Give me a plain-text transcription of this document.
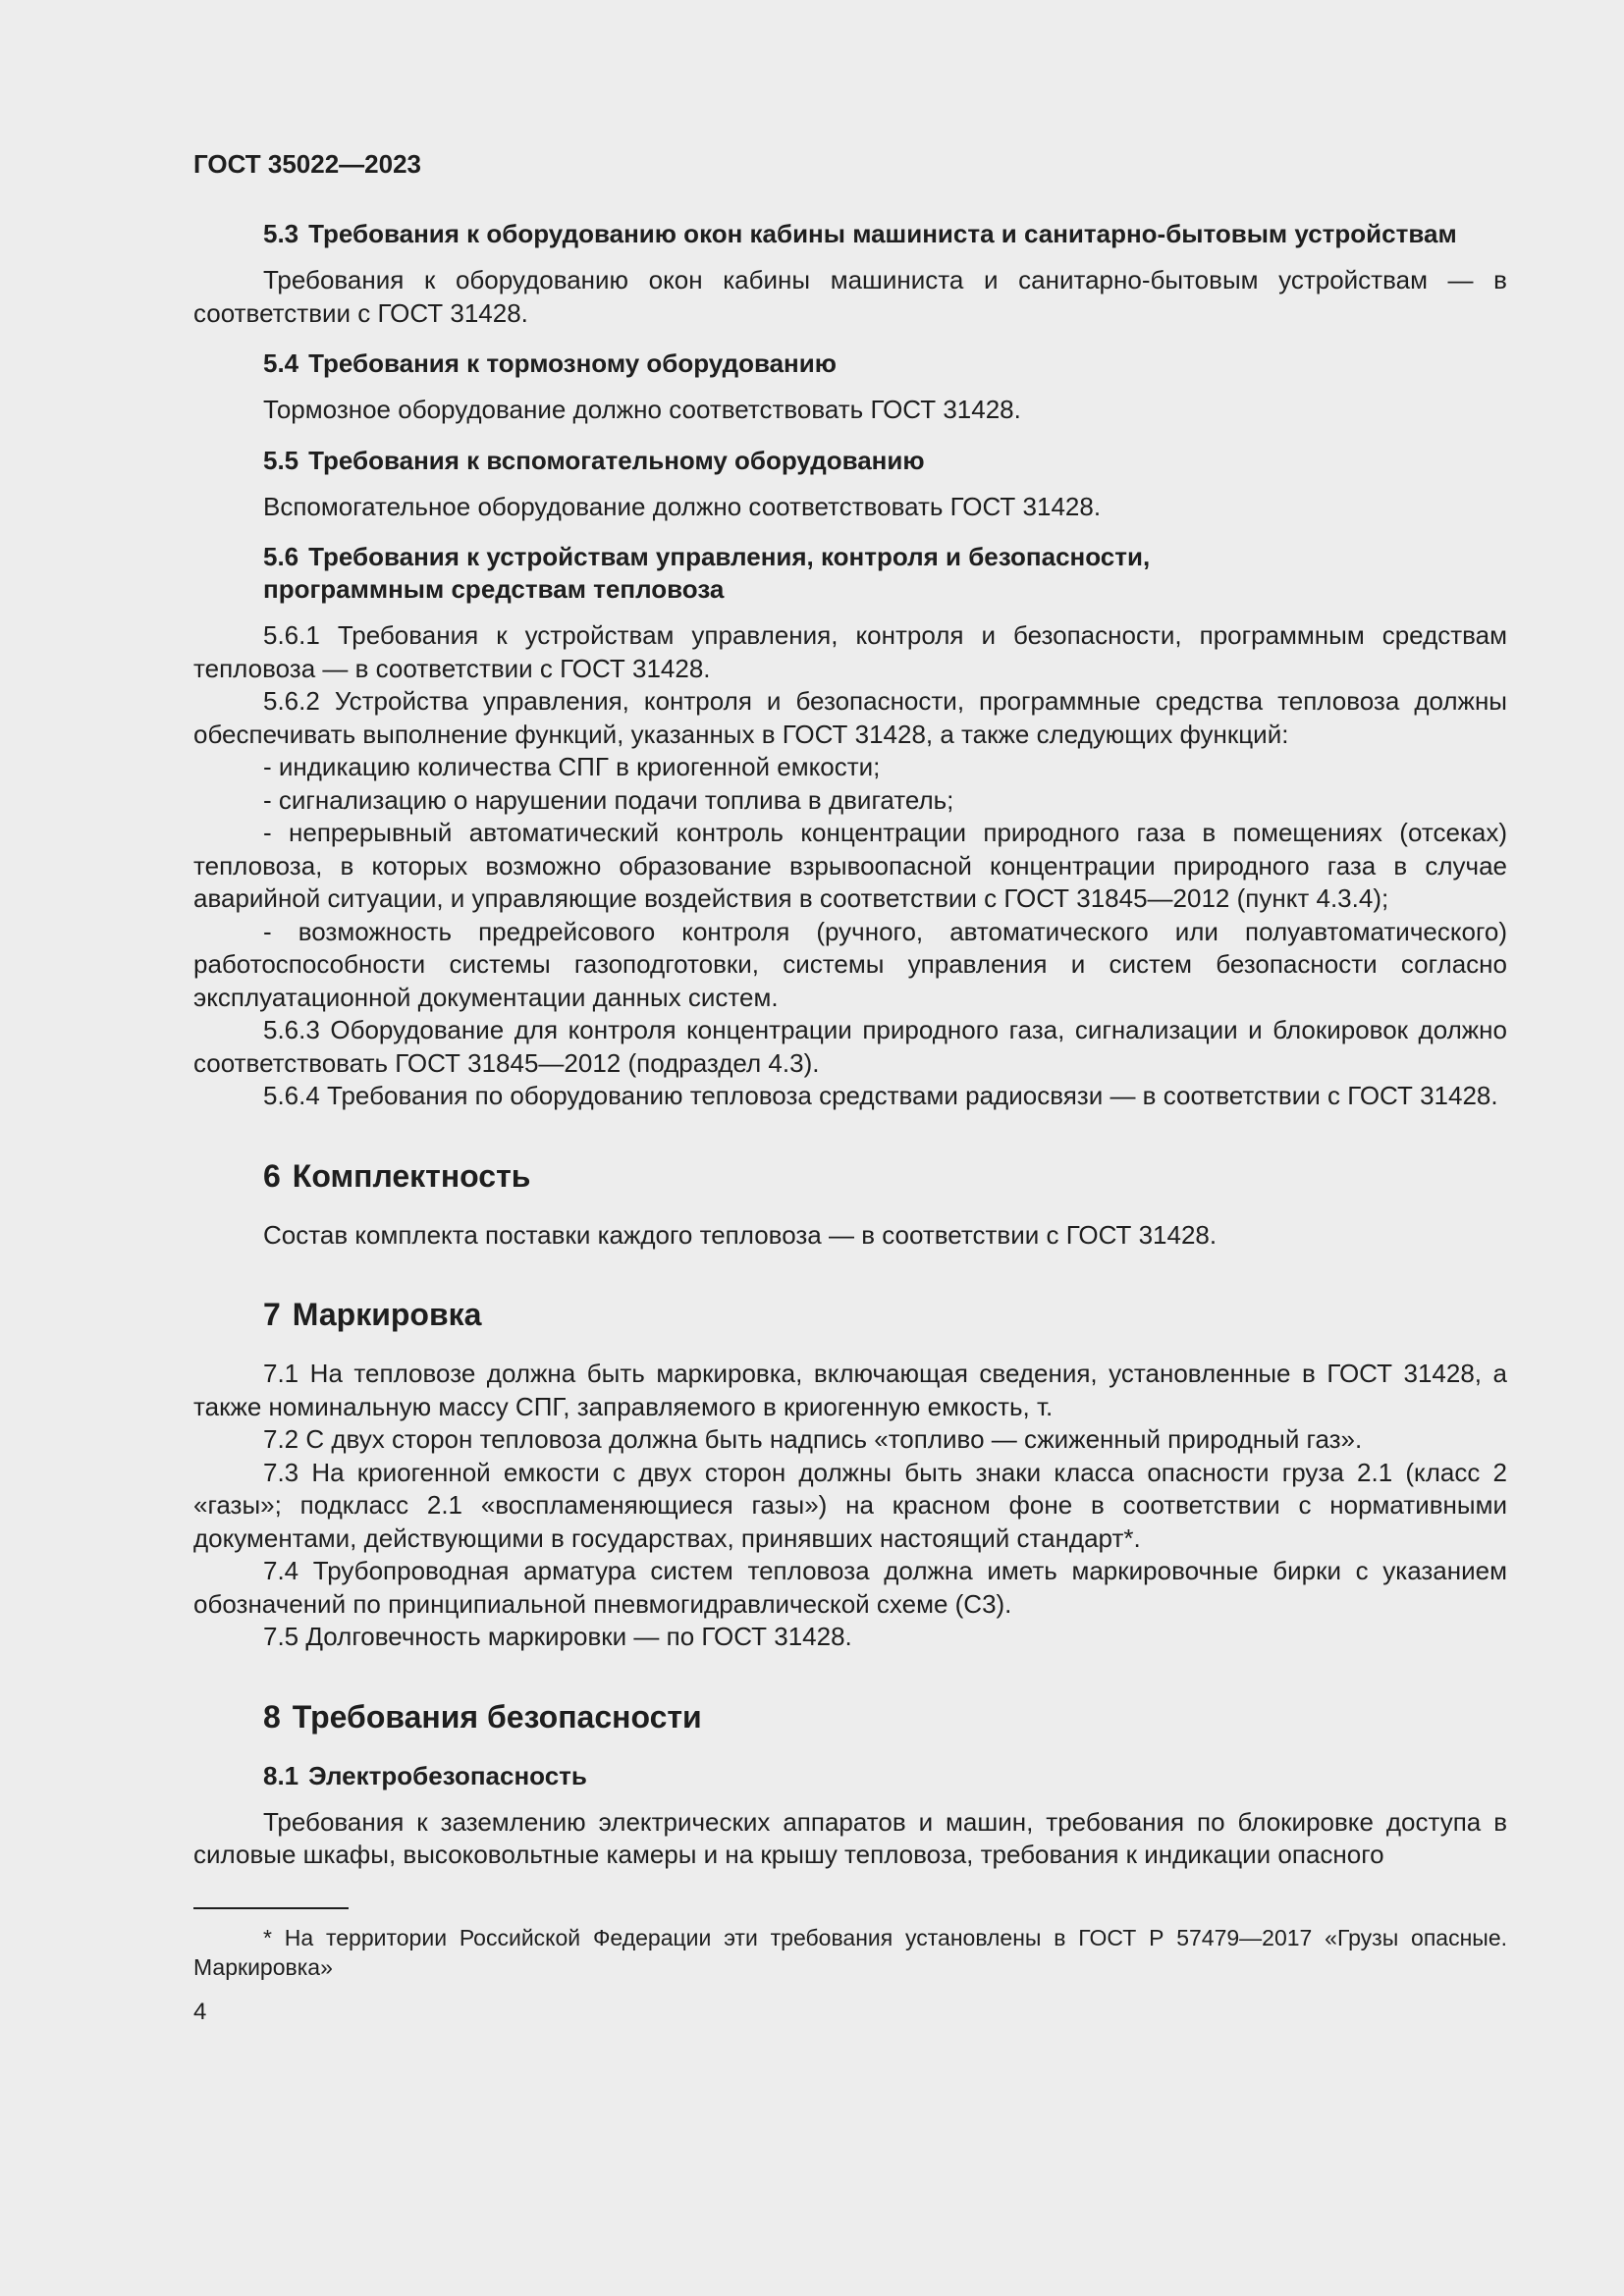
ГОСТ 35022—2023
5.3 Требования к оборудованию окон кабины машиниста и санитарно-бытовым устройствам

Требования к оборудованию окон кабины машиниста и санитарно-бытовым устройствам — в соответствии с ГОСТ 31428.

5.4 Требования к тормозному оборудованию

Тормозное оборудование должно соответствовать ГОСТ 31428.

5.5 Требования к вспомогательному оборудованию

Вспомогательное оборудование должно соответствовать ГОСТ 31428.

5.6 Требования к устройствам управления, контроля и безопасности, программным средствам тепловоза

5.6.1 Требования к устройствам управления, контроля и безопасности, программным средствам тепловоза — в соответствии с ГОСТ 31428.

5.6.2 Устройства управления, контроля и безопасности, программные средства тепловоза должны обеспечивать выполнение функций, указанных в ГОСТ 31428, а также следующих функций:

- индикацию количества СПГ в криогенной емкости;

- сигнализацию о нарушении подачи топлива в двигатель;

- непрерывный автоматический контроль концентрации природного газа в помещениях (отсеках) тепловоза, в которых возможно образование взрывоопасной концентрации природного газа в случае аварийной ситуации, и управляющие воздействия в соответствии с ГОСТ 31845—2012 (пункт 4.3.4);

- возможность предрейсового контроля (ручного, автоматического или полуавтоматического) работоспособности системы газоподготовки, системы управления и систем безопасности согласно эксплуатационной документации данных систем.

5.6.3 Оборудование для контроля концентрации природного газа, сигнализации и блокировок должно соответствовать ГОСТ 31845—2012 (подраздел 4.3).

5.6.4 Требования по оборудованию тепловоза средствами радиосвязи — в соответствии с ГОСТ 31428.

6 Комплектность

Состав комплекта поставки каждого тепловоза — в соответствии с ГОСТ 31428.

7 Маркировка

7.1 На тепловозе должна быть маркировка, включающая сведения, установленные в ГОСТ 31428, а также номинальную массу СПГ, заправляемого в криогенную емкость, т.

7.2 С двух сторон тепловоза должна быть надпись «топливо — сжиженный природный газ».

7.3 На криогенной емкости с двух сторон должны быть знаки класса опасности груза 2.1 (класс 2 «газы»; подкласс 2.1 «воспламеняющиеся газы») на красном фоне в соответствии с нормативными документами, действующими в государствах, принявших настоящий стандарт*.

7.4 Трубопроводная арматура систем тепловоза должна иметь маркировочные бирки с указанием обозначений по принципиальной пневмогидравлической схеме (С3).

7.5 Долговечность маркировки — по ГОСТ 31428.

8 Требования безопасности
8.1 Электробезопасность

Требования к заземлению электрических аппаратов и машин, требования по блокировке доступа в силовые шкафы, высоковольтные камеры и на крышу тепловоза, требования к индикации опасного

* На территории Российской Федерации эти требования установлены в ГОСТ Р 57479—2017 «Грузы опасные. Маркировка»
4
